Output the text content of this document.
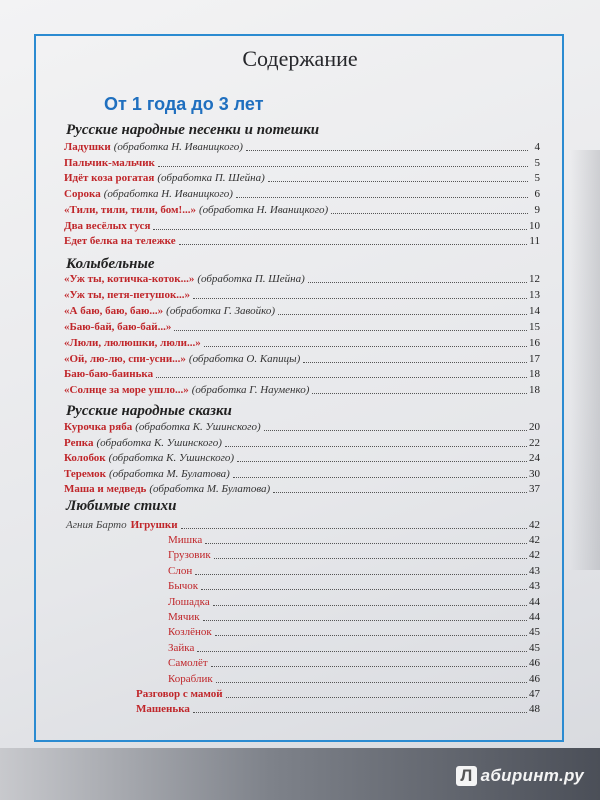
Содержание
От 1 года до 3 лет
Русские народные песенки и потешки
Ладушки (обработка Н. Иваницкого)	4
Пальчик-мальчик	5
Идёт коза рогатая (обработка П. Шейна)	5
Сорока (обработка Н. Иваницкого)	6
«Тили, тили, тили, бом!...» (обработка Н. Иваницкого)	9
Два весёлых гуся	10
Едет белка на тележке	11
Колыбельные
«Уж ты, котичка-коток...» (обработка П. Шейна)	12
«Уж ты, петя-петушок...»	13
«А баю, баю, баю...» (обработка Г. Завойко)	14
«Баю-бай, баю-бай...»	15
«Люли, люлюшки, люли...»	16
«Ой, лю-лю, спи-усни...» (обработка О. Капицы)	17
Баю-баю-баинька	18
«Солнце за море ушло...» (обработка Г. Науменко)	18
Русские народные сказки
Курочка ряба (обработка К. Ушинского)	20
Репка (обработка К. Ушинского)	22
Колобок (обработка К. Ушинского)	24
Теремок (обработка М. Булатова)	30
Маша и медведь (обработка М. Булатова)	37
Любимые стихи
Агния Барто Игрушки	42
Мишка	42
Грузовик	42
Слон	43
Бычок	43
Лошадка	44
Мячик	44
Козлёнок	45
Зайка	45
Самолёт	46
Кораблик	46
Разговор с мамой	47
Машенька	48
Л абиринт.ру
